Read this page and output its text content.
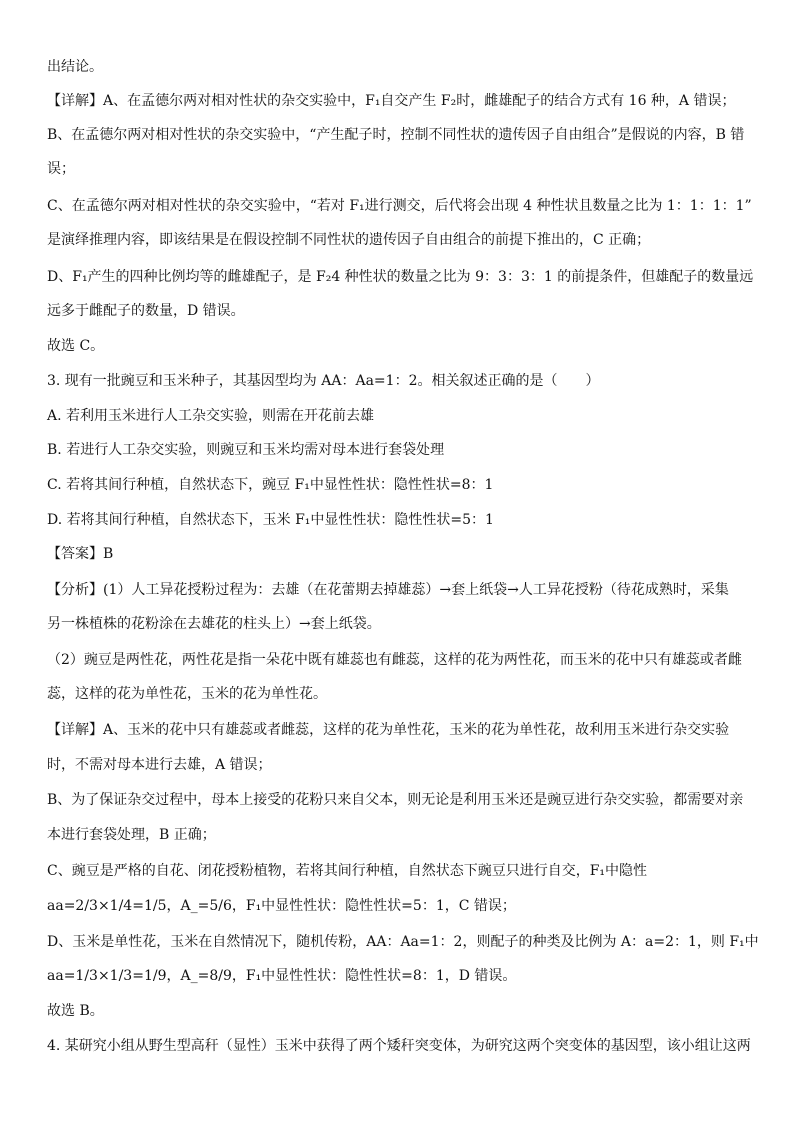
出结论。
【详解】A、在孟德尔两对相对性状的杂交实验中，F₁自交产生 F₂时，雌雄配子的结合方式有 16 种，A 错误；
B、在孟德尔两对相对性状的杂交实验中，“产生配子时，控制不同性状的遗传因子自由组合”是假说的内容，B 错
误；
C、在孟德尔两对相对性状的杂交实验中，“若对 F₁进行测交，后代将会出现 4 种性状且数量之比为 1：1：1：1”
是演绎推理内容，即该结果是在假设控制不同性状的遗传因子自由组合的前提下推出的，C 正确；
D、F₁产生的四种比例均等的雌雄配子，是 F₂4 种性状的数量之比为 9：3：3：1 的前提条件，但雄配子的数量远
远多于雌配子的数量，D 错误。
故选 C。
3. 现有一批豌豆和玉米种子，其基因型均为 AA：Aa=1：2。相关叙述正确的是（　　）
A. 若利用玉米进行人工杂交实验，则需在开花前去雄
B. 若进行人工杂交实验，则豌豆和玉米均需对母本进行套袋处理
C. 若将其间行种植，自然状态下，豌豆 F₁中显性性状：隐性性状=8：1
D. 若将其间行种植，自然状态下，玉米 F₁中显性性状：隐性性状=5：1
【答案】B
【分析】(1）人工异花授粉过程为：去雄（在花蕾期去掉雄蕊）→套上纸袋→人工异花授粉（待花成熟时，采集
另一株植株的花粉涂在去雄花的柱头上）→套上纸袋。
（2）豌豆是两性花，两性花是指一朵花中既有雄蕊也有雌蕊，这样的花为两性花，而玉米的花中只有雄蕊或者雌
蕊，这样的花为单性花，玉米的花为单性花。
【详解】A、玉米的花中只有雄蕊或者雌蕊，这样的花为单性花，玉米的花为单性花，故利用玉米进行杂交实验
时，不需对母本进行去雄，A 错误；
B、为了保证杂交过程中，母本上接受的花粉只来自父本，则无论是利用玉米还是豌豆进行杂交实验，都需要对亲
本进行套袋处理，B 正确；
C、豌豆是严格的自花、闭花授粉植物，若将其间行种植，自然状态下豌豆只进行自交，F₁中隐性
aa=2/3×1/4=1/5，A_=5/6，F₁中显性性状：隐性性状=5：1，C 错误；
D、玉米是单性花，玉米在自然情况下，随机传粉，AA：Aa=1：2，则配子的种类及比例为 A：a=2：1，则 F₁中
aa=1/3×1/3=1/9，A_=8/9，F₁中显性性状：隐性性状=8：1，D 错误。
故选 B。
4. 某研究小组从野生型高秆（显性）玉米中获得了两个矮秆突变体，为研究这两个突变体的基因型，该小组让这两
